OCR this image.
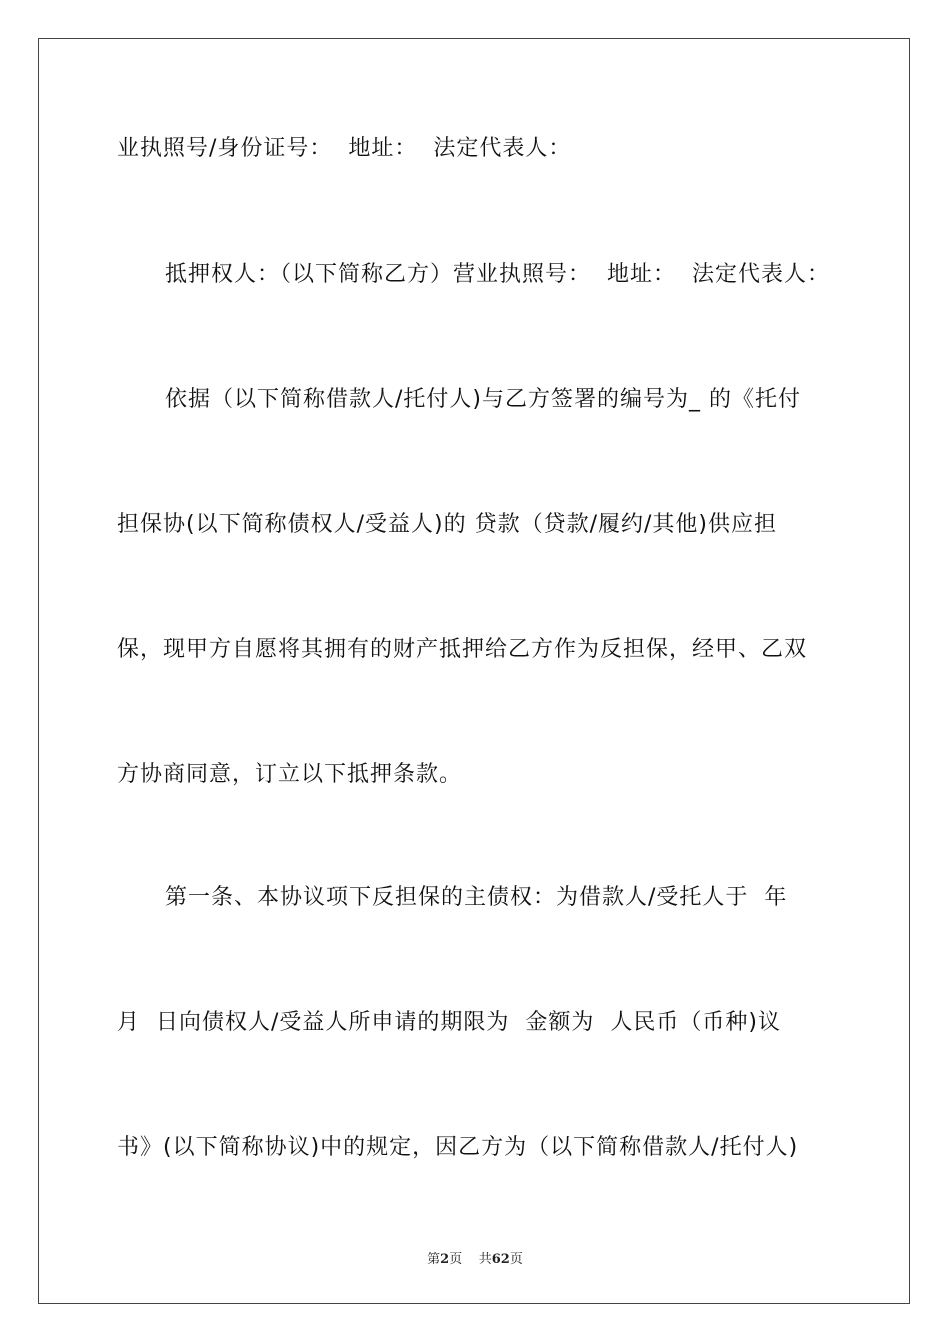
业执照号/身份证号：  地址：  法定代表人：
抵押权人：（以下简称乙方）营业执照号：  地址：  法定代表人：
依据（以下简称借款人/托付人)与乙方签署的编号为_ 的《托付
担保协(以下简称债权人/受益人)的 贷款（贷款/履约/其他)供应担
保，现甲方自愿将其拥有的财产抵押给乙方作为反担保，经甲、乙双
方协商同意，订立以下抵押条款。
第一条、本协议项下反担保的主债权：为借款人/受托人于  年
月  日向债权人/受益人所申请的期限为  金额为  人民币（币种)议
书》(以下简称协议)中的规定，因乙方为（以下简称借款人/托付人)
第2页    共62页
